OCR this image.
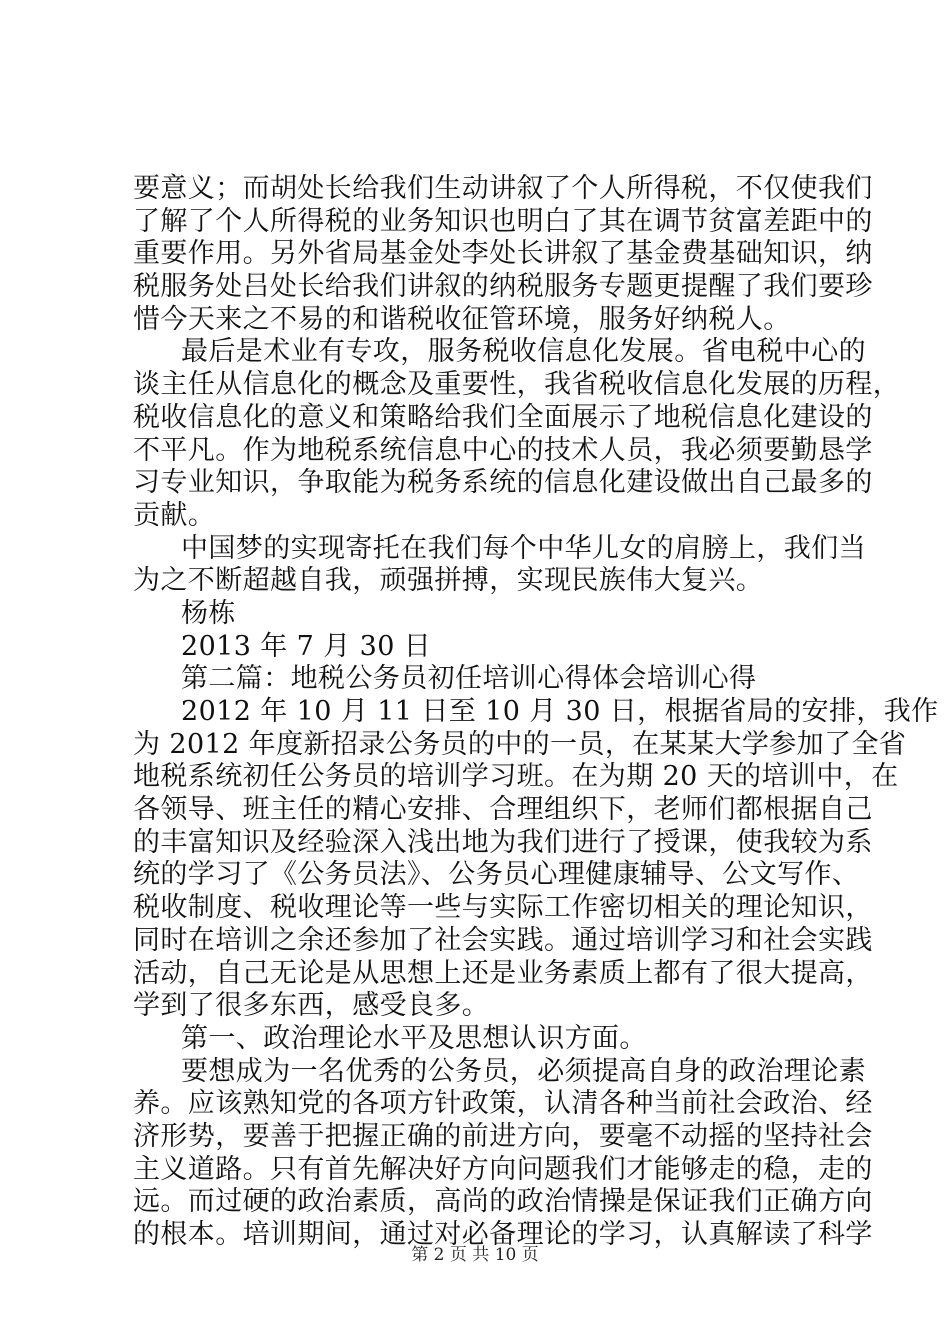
要意义；而胡处长给我们生动讲叙了个人所得税，不仅使我们
了解了个人所得税的业务知识也明白了其在调节贫富差距中的
重要作用。另外省局基金处李处长讲叙了基金费基础知识，纳
税服务处吕处长给我们讲叙的纳税服务专题更提醒了我们要珍
惜今天来之不易的和谐税收征管环境，服务好纳税人。
最后是术业有专攻，服务税收信息化发展。省电税中心的
谈主任从信息化的概念及重要性，我省税收信息化发展的历程，
税收信息化的意义和策略给我们全面展示了地税信息化建设的
不平凡。作为地税系统信息中心的技术人员，我必须要勤恳学
习专业知识，争取能为税务系统的信息化建设做出自己最多的
贡献。
中国梦的实现寄托在我们每个中华儿女的肩膀上，我们当
为之不断超越自我，顽强拼搏，实现民族伟大复兴。
杨栋
2013 年 7 月 30 日
第二篇：地税公务员初任培训心得体会培训心得
2012 年 10 月 11 日至 10 月 30 日，根据省局的安排，我作
为 2012 年度新招录公务员的中的一员，在某某大学参加了全省
地税系统初任公务员的培训学习班。在为期 20 天的培训中，在
各领导、班主任的精心安排、合理组织下，老师们都根据自己
的丰富知识及经验深入浅出地为我们进行了授课，使我较为系
统的学习了《公务员法》、公务员心理健康辅导、公文写作、
税收制度、税收理论等一些与实际工作密切相关的理论知识，
同时在培训之余还参加了社会实践。通过培训学习和社会实践
活动，自己无论是从思想上还是业务素质上都有了很大提高，
学到了很多东西，感受良多。
第一、政治理论水平及思想认识方面。
要想成为一名优秀的公务员，必须提高自身的政治理论素
养。应该熟知党的各项方针政策，认清各种当前社会政治、经
济形势，要善于把握正确的前进方向，要毫不动摇的坚持社会
主义道路。只有首先解决好方向问题我们才能够走的稳，走的
远。而过硬的政治素质，高尚的政治情操是保证我们正确方向
的根本。培训期间，通过对必备理论的学习，认真解读了科学
第 2 页 共 10 页
